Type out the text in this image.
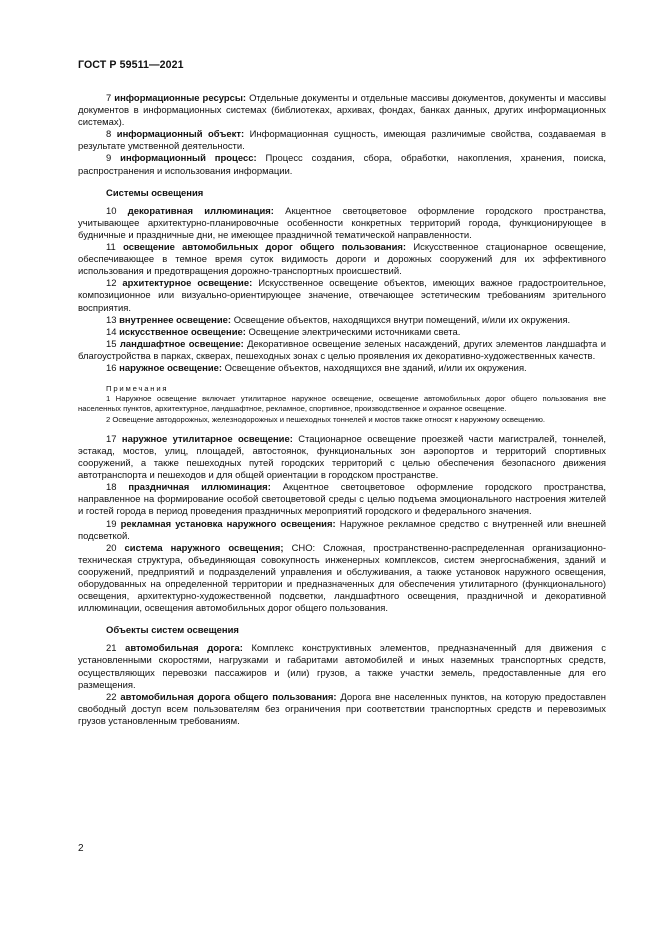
ГОСТ Р 59511—2021

7 информационные ресурсы: Отдельные документы и отдельные массивы документов, документы и массивы документов в информационных системах (библиотеках, архивах, фондах, банках данных, других информационных системах).

8 информационный объект: Информационная сущность, имеющая различимые свойства, создаваемая в результате умственной деятельности.

9 информационный процесс: Процесс создания, сбора, обработки, накопления, хранения, поиска, распространения и использования информации.

Системы освещения

10 декоративная иллюминация: Акцентное светоцветовое оформление городского пространства, учитывающее архитектурно-планировочные особенности конкретных территорий города, функционирующее в будничные и праздничные дни, не имеющее праздничной тематической направленности.

11 освещение автомобильных дорог общего пользования: Искусственное стационарное освещение, обеспечивающее в темное время суток видимость дороги и дорожных сооружений для их эффективного использования и предотвращения дорожно-транспортных происшествий.

12 архитектурное освещение: Искусственное освещение объектов, имеющих важное градостроительное, композиционное или визуально-ориентирующее значение, отвечающее эстетическим требованиям зрительного восприятия.

13 внутреннее освещение: Освещение объектов, находящихся внутри помещений, и/или их окружения.

14 искусственное освещение: Освещение электрическими источниками света.

15 ландшафтное освещение: Декоративное освещение зеленых насаждений, других элементов ландшафта и благоустройства в парках, скверах, пешеходных зонах с целью проявления их декоративно-художественных качеств.

16 наружное освещение: Освещение объектов, находящихся вне зданий, и/или их окружения.

Примечания

1 Наружное освещение включает утилитарное наружное освещение, освещение автомобильных дорог общего пользования вне населенных пунктов, архитектурное, ландшафтное, рекламное, спортивное, производственное и охранное освещение.

2 Освещение автодорожных, железнодорожных и пешеходных тоннелей и мостов также относят к наружному освещению.

17 наружное утилитарное освещение: Стационарное освещение проезжей части магистралей, тоннелей, эстакад, мостов, улиц, площадей, автостоянок, функциональных зон аэропортов и территорий спортивных сооружений, а также пешеходных путей городских территорий с целью обеспечения безопасного движения автотранспорта и пешеходов и для общей ориентации в городском пространстве.

18 праздничная иллюминация: Акцентное светоцветовое оформление городского пространства, направленное на формирование особой светоцветовой среды с целью подъема эмоционального настроения жителей и гостей города в период проведения праздничных мероприятий городского и федерального значения.

19 рекламная установка наружного освещения: Наружное рекламное средство с внутренней или внешней подсветкой.

20 система наружного освещения; СНО: Сложная, пространственно-распределенная организационно-техническая структура, объединяющая совокупность инженерных комплексов, систем энергоснабжения, зданий и сооружений, предприятий и подразделений управления и обслуживания, а также установок наружного освещения, оборудованных на определенной территории и предназначенных для обеспечения утилитарного (функционального) освещения, архитектурно-художественной подсветки, ландшафтного освещения, праздничной и декоративной иллюминации, освещения автомобильных дорог общего пользования.

Объекты систем освещения

21 автомобильная дорога: Комплекс конструктивных элементов, предназначенный для движения с установленными скоростями, нагрузками и габаритами автомобилей и иных наземных транспортных средств, осуществляющих перевозки пассажиров и (или) грузов, а также участки земель, предоставленные для его размещения.

22 автомобильная дорога общего пользования: Дорога вне населенных пунктов, на которую предоставлен свободный доступ всем пользователям без ограничения при соответствии транспортных средств и перевозимых грузов установленным требованиям.

2
